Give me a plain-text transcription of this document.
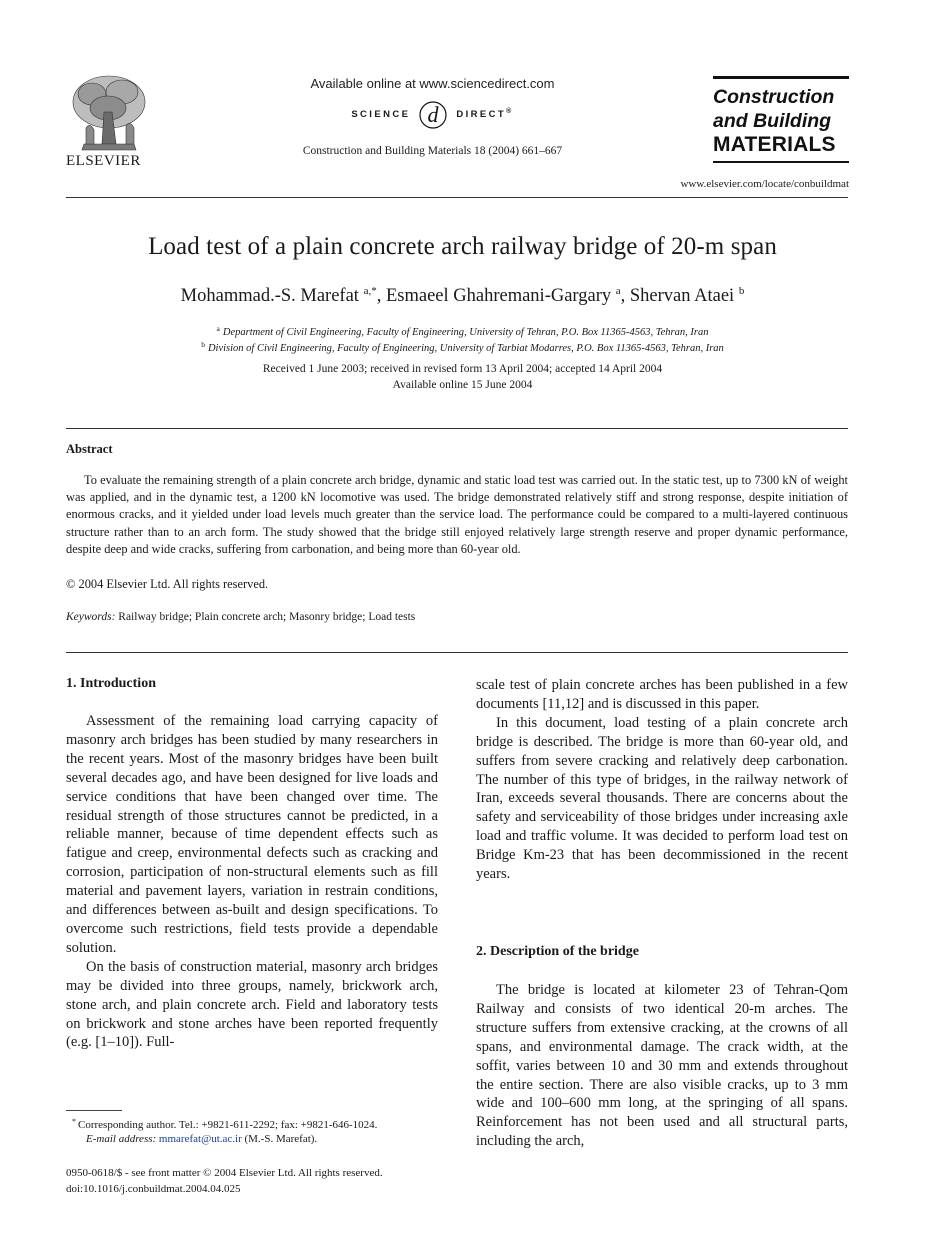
ELSEVIER
Available online at www.sciencedirect.com
SCIENCE d DIRECT®
Construction and Building Materials 18 (2004) 661–667
Construction
and Building
MATERIALS
www.elsevier.com/locate/conbuildmat
Load test of a plain concrete arch railway bridge of 20-m span
Mohammad.-S. Marefat $^{a,*}$, Esmaeel Ghahremani-Gargary $^a$, Shervan Ataei $^b$
$^a$ Department of Civil Engineering, Faculty of Engineering, University of Tehran, P.O. Box 11365-4563, Tehran, Iran
$^b$ Division of Civil Engineering, Faculty of Engineering, University of Tarbiat Modarres, P.O. Box 11365-4563, Tehran, Iran
Received 1 June 2003; received in revised form 13 April 2004; accepted 14 April 2004
Available online 15 June 2004
Abstract
To evaluate the remaining strength of a plain concrete arch bridge, dynamic and static load test was carried out. In the static test, up to 7300 kN of weight was applied, and in the dynamic test, a 1200 kN locomotive was used. The bridge demonstrated relatively stiff and strong response, despite initiation of enormous cracks, and it yielded under load levels much greater than the service load. The performance could be compared to a multi-layered continuous structure rather than to an arch form. The study showed that the bridge still enjoyed relatively large strength reserve and proper dynamic performance, despite deep and wide cracks, suffering from carbonation, and being more than 60-year old.
© 2004 Elsevier Ltd. All rights reserved.
Keywords: Railway bridge; Plain concrete arch; Masonry bridge; Load tests
1. Introduction

Assessment of the remaining load carrying capacity of masonry arch bridges has been studied by many researchers in the recent years. Most of the masonry bridges have been built several decades ago, and have been designed for live loads and service conditions that have been changed over time. The residual strength of those structures cannot be predicted, in a reliable manner, because of time dependent effects such as fatigue and creep, environmental defects such as cracking and corrosion, participation of non-structural elements such as fill material and pavement layers, variation in restrain conditions, and differences between as-built and design specifications. To overcome such restrictions, field tests provide a dependable solution.

On the basis of construction material, masonry arch bridges may be divided into three groups, namely, brickwork arch, stone arch, and plain concrete arch. Field and laboratory tests on brickwork and stone arches have been reported frequently (e.g. [1–10]). Full-

* Corresponding author. Tel.: +9821-611-2292; fax: +9821-646-1024.
E-mail address: mmarefat@ut.ac.ir (M.-S. Marefat).
0950-0618/$ - see front matter © 2004 Elsevier Ltd. All rights reserved.
doi:10.1016/j.conbuildmat.2004.04.025

scale test of plain concrete arches has been published in a few documents [11,12] and is discussed in this paper.

In this document, load testing of a plain concrete arch bridge is described. The bridge is more than 60-year old, and suffers from severe cracking and relatively deep carbonation. The number of this type of bridges, in the railway network of Iran, exceeds several thousands. There are concerns about the safety and serviceability of those bridges under increasing axle load and traffic volume. It was decided to perform load test on Bridge Km-23 that has been decommissioned in the recent years.

2. Description of the bridge

The bridge is located at kilometer 23 of Tehran-Qom Railway and consists of two identical 20-m arches. The structure suffers from extensive cracking, at the crowns of all spans, and environmental damage. The crack width, at the soffit, varies between 10 and 30 mm and extends throughout the entire section. There are also visible cracks, up to 3 mm wide and 100–600 mm long, at the springing of all spans. Reinforcement has not been used and all structural parts, including the arch,
